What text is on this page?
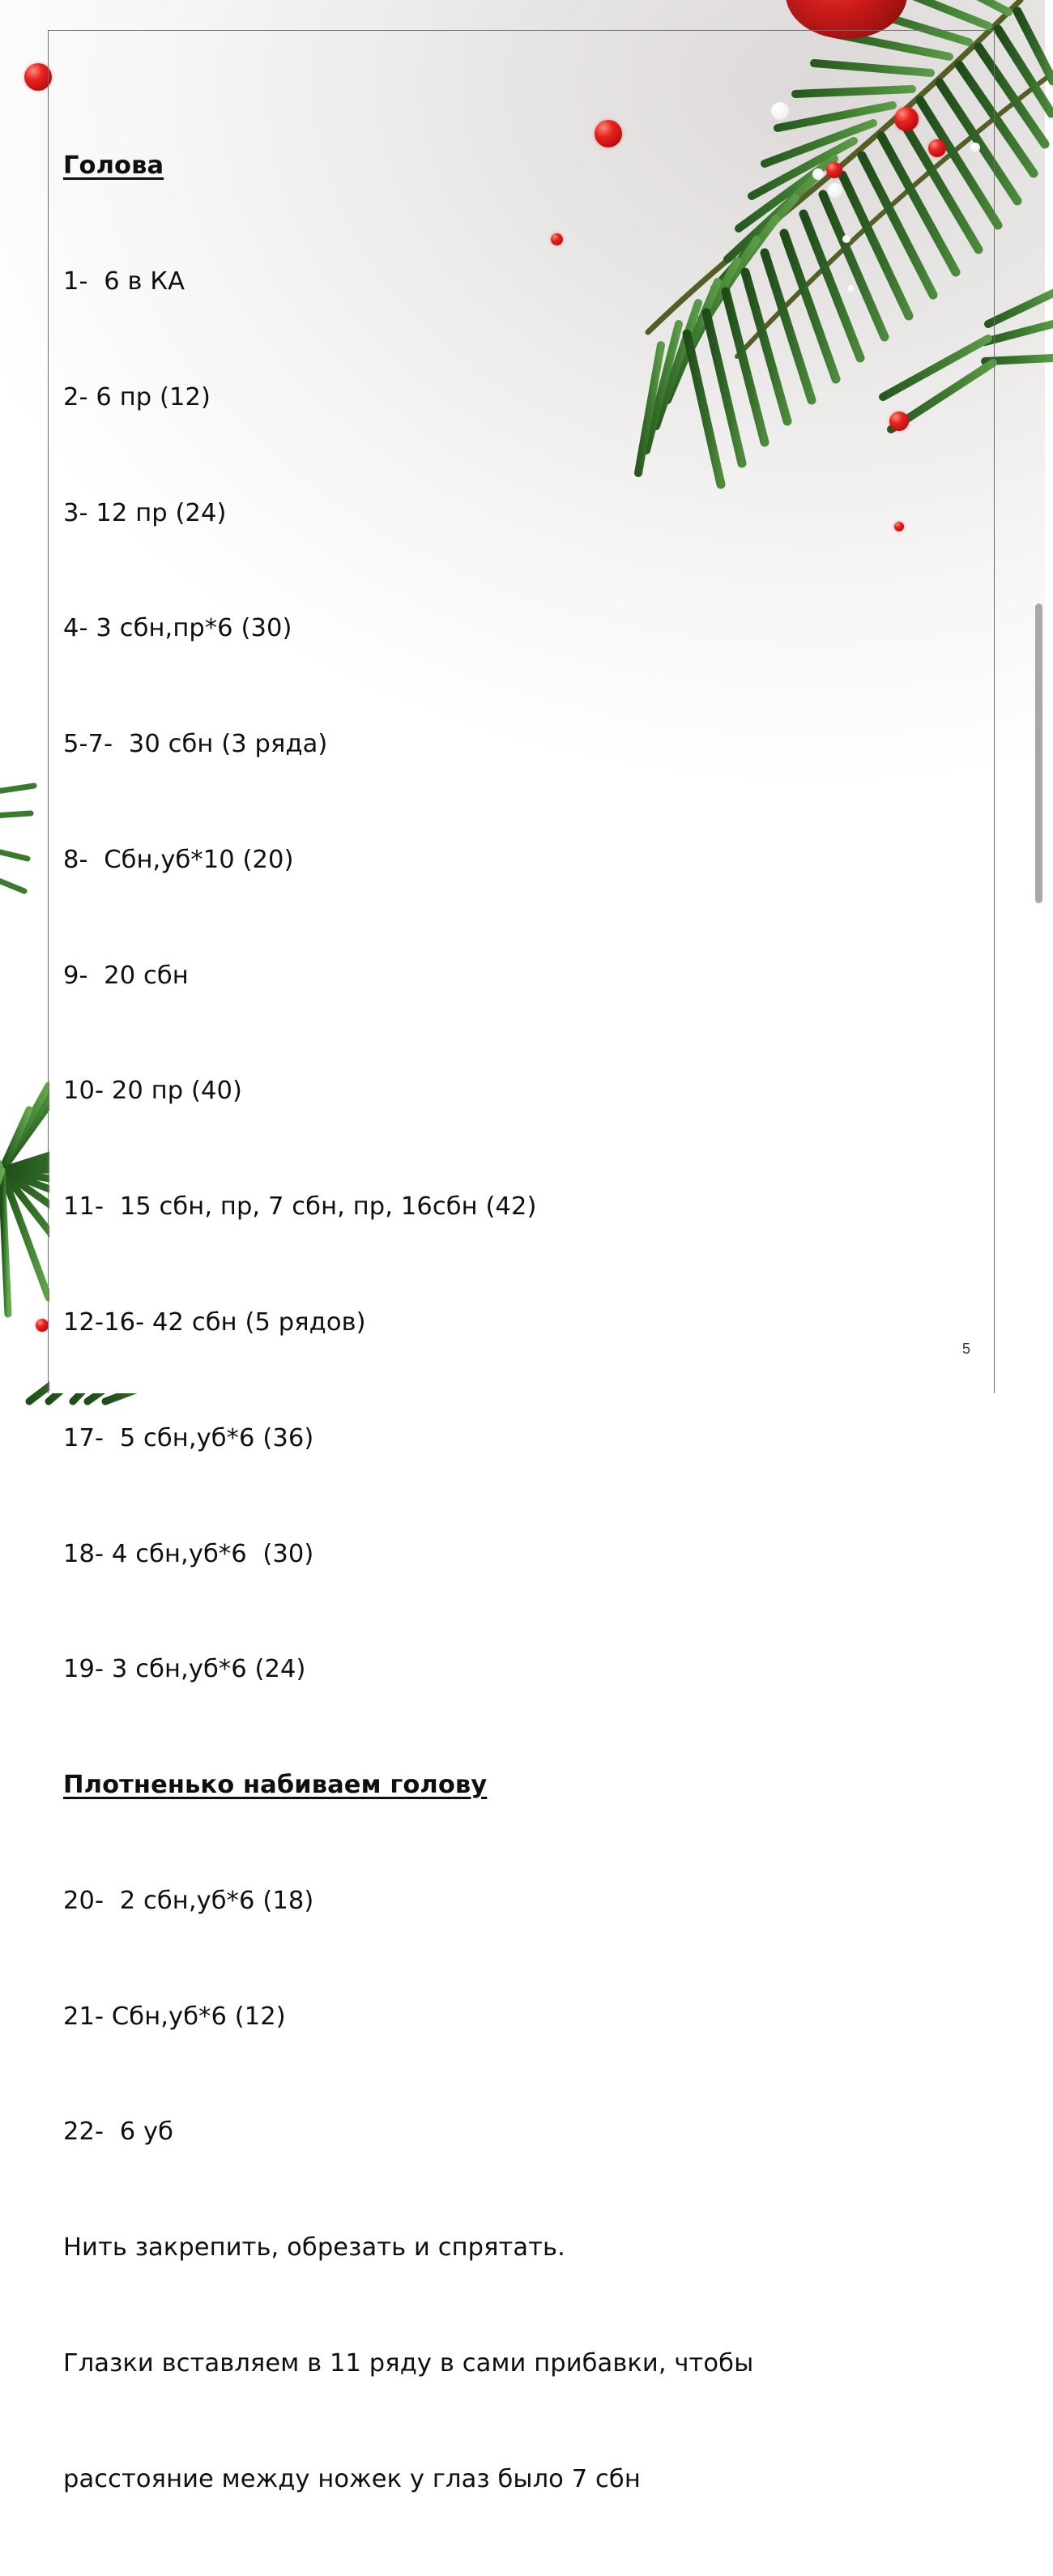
Голова

1-  6 в КА

2- 6 пр (12)

3- 12 пр (24)

4- 3 сбн,пр*6 (30)

5-7-  30 сбн (3 ряда)

8-  Сбн,уб*10 (20)

9-  20 сбн

10- 20 пр (40)

11-  15 сбн, пр, 7 сбн, пр, 16сбн (42)

12-16- 42 сбн (5 рядов)

17-  5 сбн,уб*6 (36)

18- 4 сбн,уб*6  (30)

19- 3 сбн,уб*6 (24)

Плотненько набиваем голову

20-  2 сбн,уб*6 (18)

21- Сбн,уб*6 (12)

22-  6 уб

Нить закрепить, обрезать и спрятать.

Глазки вставляем в 11 ряду в сами прибавки, чтобы

расстояние между ножек у глаз было 7 сбн

5
